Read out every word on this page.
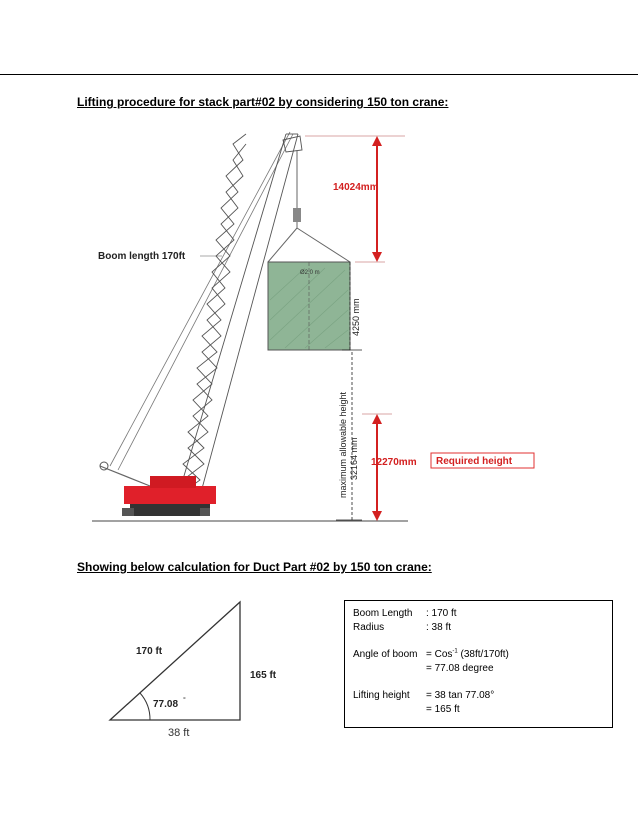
Lifting procedure for stack part#02 by considering 150 ton crane:
Ø2.0 m
14024mm
4250 mm
maximum allowable height 32164 mm 12270mm Required height
Boom length 170ft
Showing below calculation for Duct Part #02 by 150 ton crane:
170 ft
165 ft
77.08 °
38 ft
Boom Length : 170 ft
Radius	: 38 ft
Angle of boom = Cos$^{-1}$ (38ft/170ft)
= 77.08 degree
Lifting height = 38 tan 77.08°
= 165 ft
